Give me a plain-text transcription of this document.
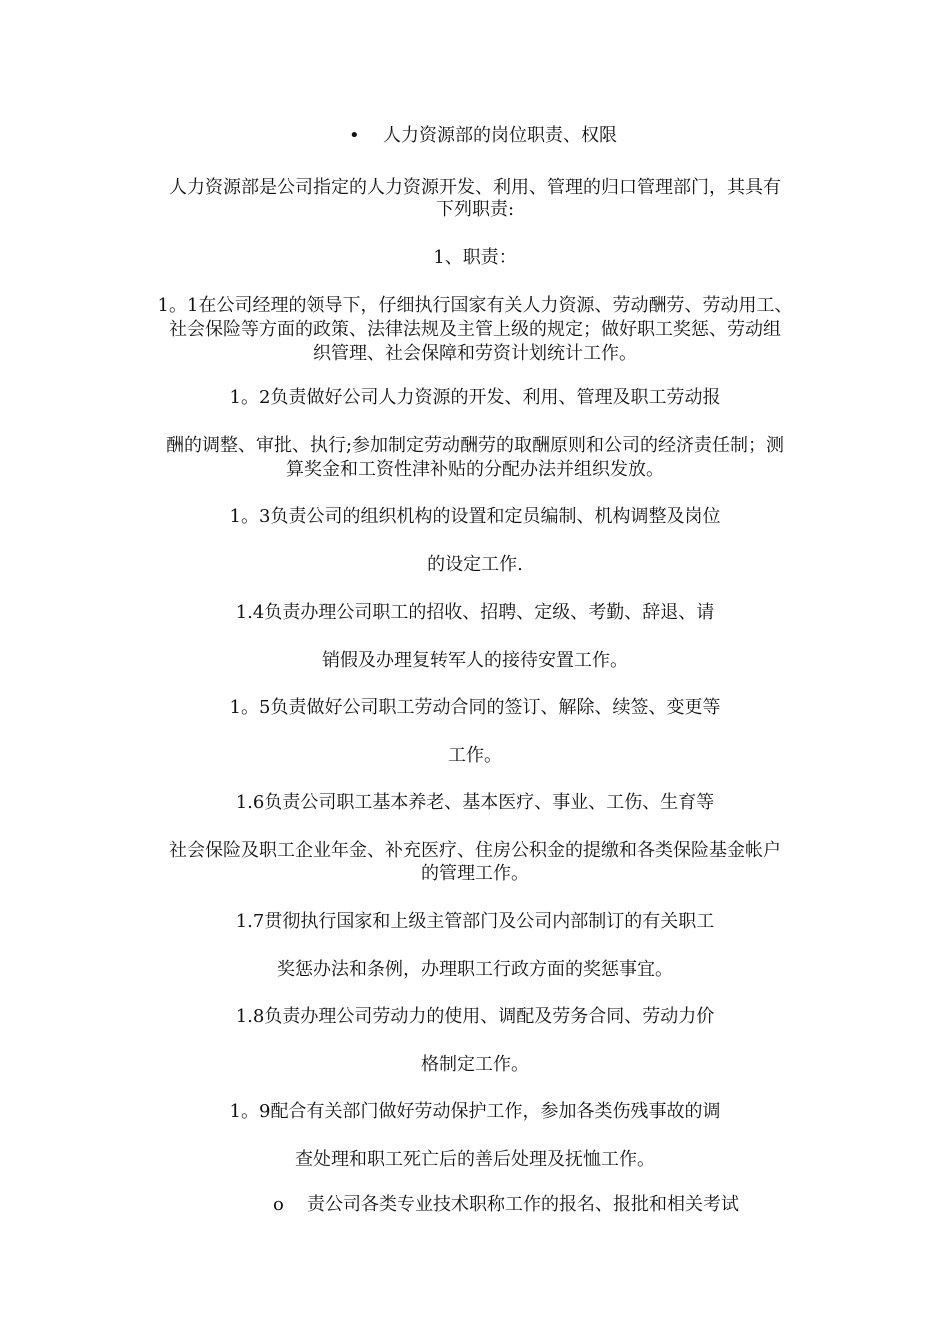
• 人力资源部的岗位职责、权限
人力资源部是公司指定的人力资源开发、利用、管理的归口管理部门，其具有
下列职责:
1、职责：
1。1在公司经理的领导下，仔细执行国家有关人力资源、劳动酬劳、劳动用工、
社会保险等方面的政策、法律法规及主管上级的规定；做好职工奖惩、劳动组
织管理、社会保障和劳资计划统计工作。
1。2负责做好公司人力资源的开发、利用、管理及职工劳动报
酬的调整、审批、执行;参加制定劳动酬劳的取酬原则和公司的经济责任制；测
算奖金和工资性津补贴的分配办法并组织发放。
1。3负责公司的组织机构的设置和定员编制、机构调整及岗位
的设定工作.
1.4负责办理公司职工的招收、招聘、定级、考勤、辞退、请
销假及办理复转军人的接待安置工作。
1。5负责做好公司职工劳动合同的签订、解除、续签、变更等
工作。
1.6负责公司职工基本养老、基本医疗、事业、工伤、生育等
社会保险及职工企业年金、补充医疗、住房公积金的提缴和各类保险基金帐户
的管理工作。
1.7贯彻执行国家和上级主管部门及公司内部制订的有关职工
奖惩办法和条例，办理职工行政方面的奖惩事宜。
1.8负责办理公司劳动力的使用、调配及劳务合同、劳动力价
格制定工作。
1。9配合有关部门做好劳动保护工作，参加各类伤残事故的调
查处理和职工死亡后的善后处理及抚恤工作。
o 责公司各类专业技术职称工作的报名、报批和相关考试
